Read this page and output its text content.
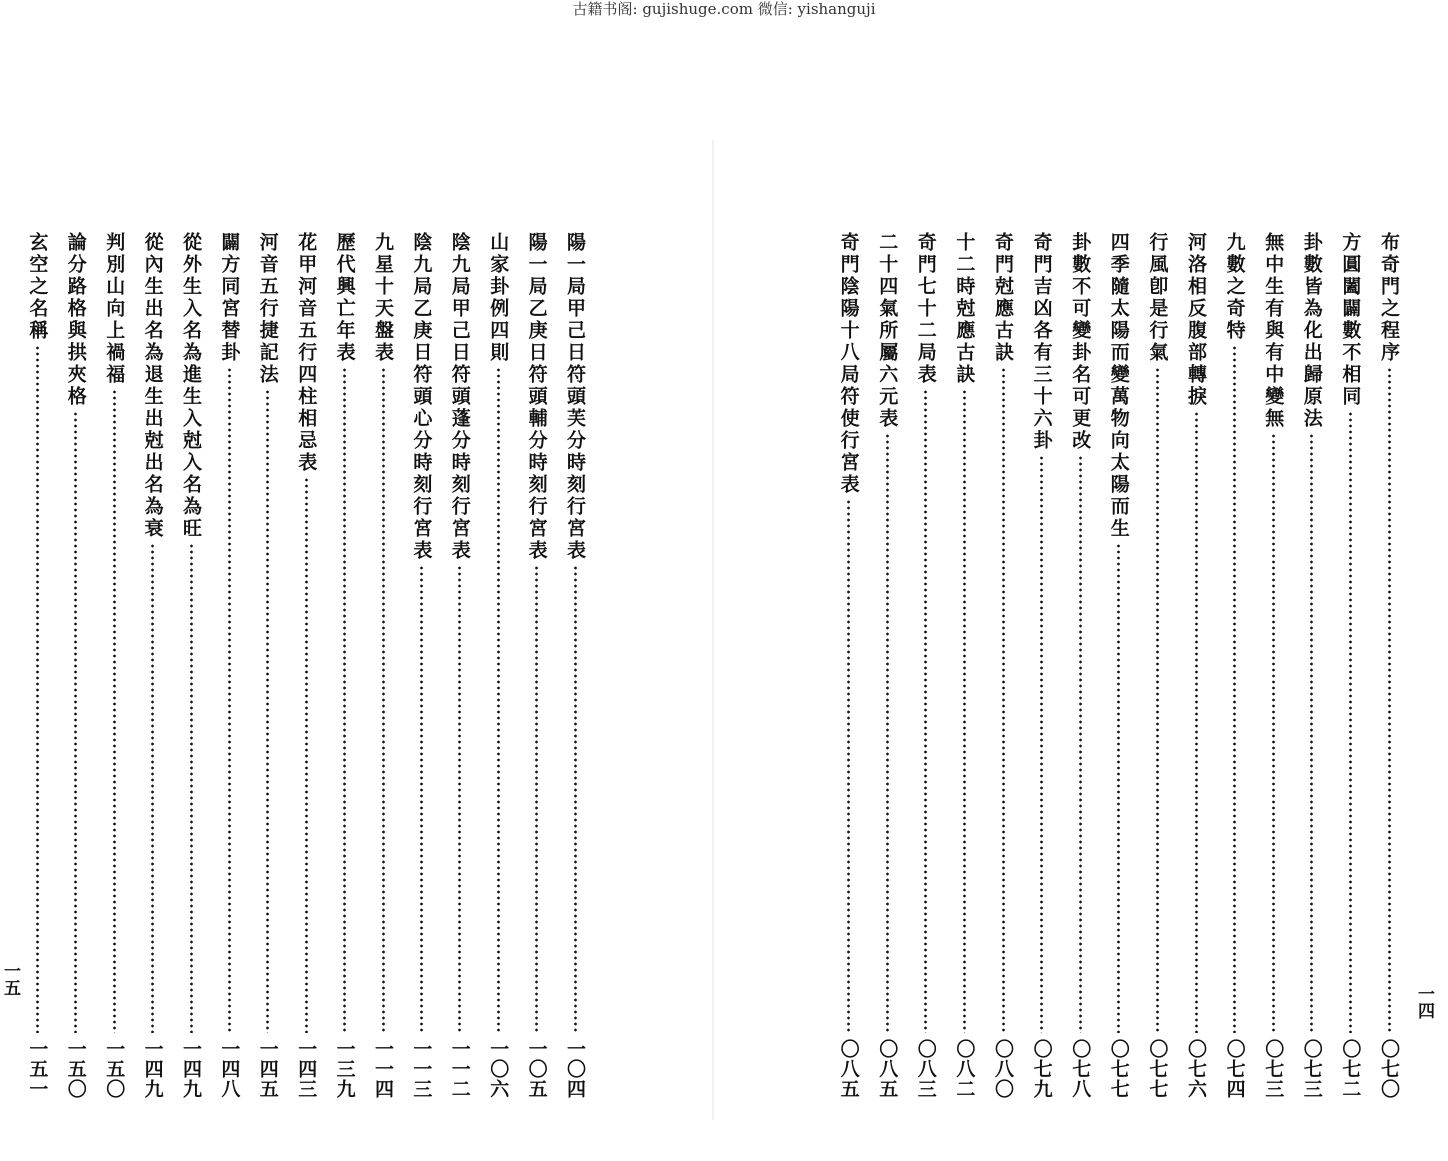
古籍书阁: gujishuge.com 微信: yishanguji
布奇門之程序
〇七〇
方圓闔闢數不相同
〇七二
卦數皆為化出歸原法
〇七三
無中生有與有中變無
〇七三
九數之奇特
〇七四
河洛相反腹部轉捩
〇七六
行風卽是行氣
〇七七
四季隨太陽而變萬物向太陽而生
〇七七
卦數不可變卦名可更改
〇七八
奇門吉凶各有三十六卦
〇七九
奇門尅應古訣
〇八〇
十二時尅應古訣
〇八二
奇門七十二局表
〇八三
二十四氣所屬六元表
〇八五
奇門陰陽十八局符使行宮表
〇八五
陽一局甲己日符頭芙分時刻行宮表
一〇四
陽一局乙庚日符頭輔分時刻行宮表
一〇五
山家卦例四則
一〇六
陰九局甲己日符頭蓬分時刻行宮表
一一二
陰九局乙庚日符頭心分時刻行宮表
一一三
九星十天盤表
一一四
歷代興亡年表
一三九
花甲河音五行四柱相忌表
一四三
河音五行捷記法
一四五
闢方同宮替卦
一四八
從外生入名為進生入尅入名為旺
一四九
從內生出名為退生出尅出名為衰
一四九
判別山向上禍福
一五〇
論分路格與拱夾格
一五〇
玄空之名稱
一五一
一四
一五
